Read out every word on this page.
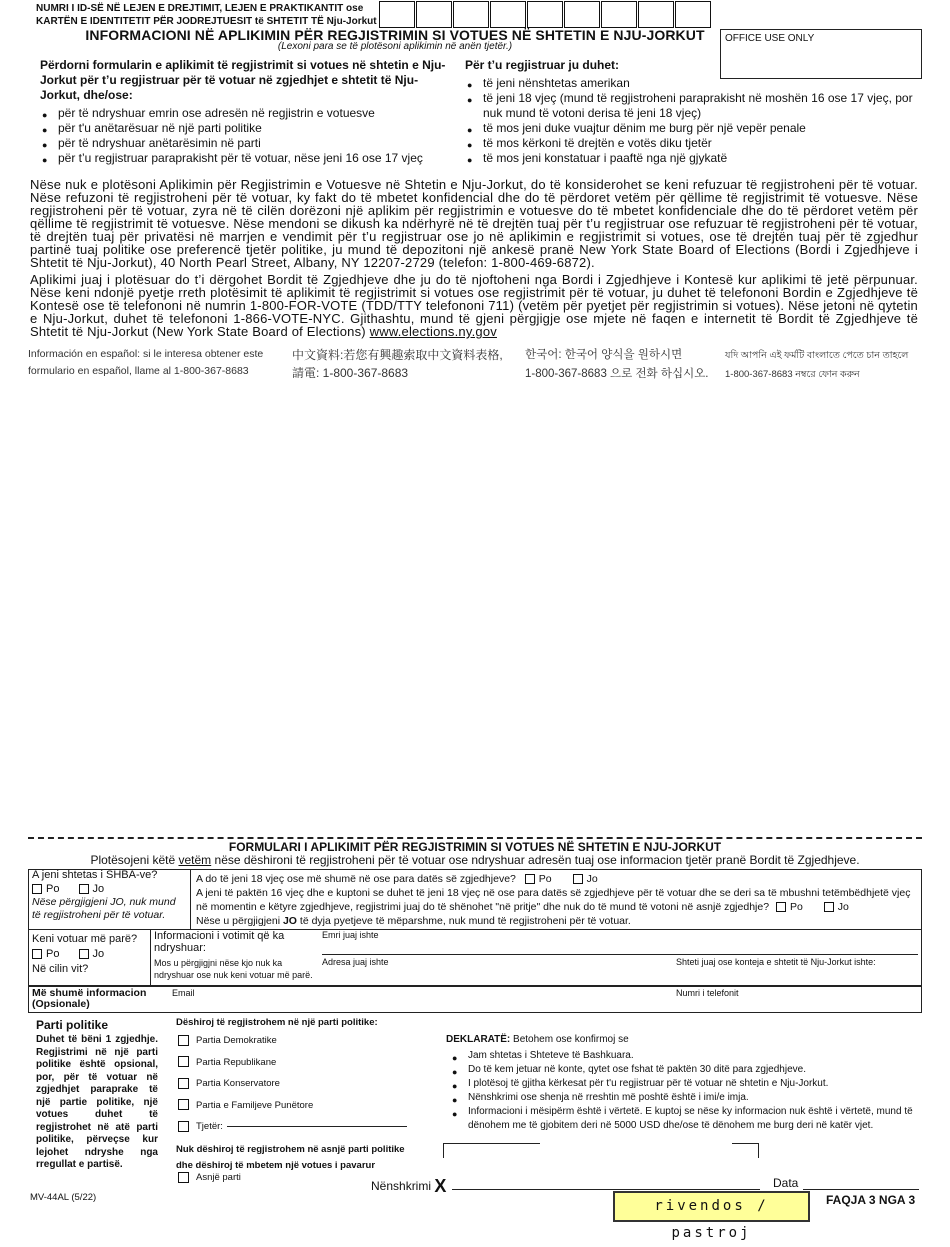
NUMRI I ID-SË NË LEJEN E DREJTIMIT, LEJEN E PRAKTIKANTIT ose
KARTËN E IDENTITETIT PËR JODREJTUESIT të SHTETIT TË Nju-Jorkut
INFORMACIONI NË APLIKIMIN PËR REGJISTRIMIN SI VOTUES NË SHTETIN E NJU-JORKUT
(Lexoni para se të plotësoni aplikimin në anën tjetër.)
OFFICE USE ONLY
Përdorni formularin e aplikimit të regjistrimit si votues në shtetin e Nju-Jorkut për t’u regjistruar për të votuar në zgjedhjet e shtetit të Nju-Jorkut, dhe/ose:
● për të ndryshuar emrin ose adresën në regjistrin e votuesve
● për t'u anëtarësuar në një parti politike
● për të ndryshuar anëtarësimin në parti
● për t’u regjistruar paraprakisht për të votuar, nëse jeni 16 ose 17 vjeç
Për t’u regjistruar ju duhet:
● të jeni nënshtetas amerikan
● të jeni 18 vjeç (mund të regjistroheni paraprakisht në moshën 16 ose 17 vjeç, por nuk mund të votoni derisa të jeni 18 vjeç)
● të mos jeni duke vuajtur dënim me burg për një vepër penale
● të mos kërkoni të drejtën e votës diku tjetër
● të mos jeni konstatuar i paaftë nga një gjykatë
Nëse nuk e plotësoni Aplikimin për Regjistrimin e Votuesve në Shtetin e Nju-Jorkut, do të konsiderohet se keni refuzuar të regjistroheni për të votuar. Nëse refuzoni të regjistroheni për të votuar, ky fakt do të mbetet konfidencial dhe do të përdoret vetëm për qëllime të regjistrimit të votuesve. Nëse regjistroheni për të votuar, zyra në të cilën dorëzoni një aplikim për regjistrimin e votuesve do të mbetet konfidenciale dhe do të përdoret vetëm për qëllime të regjistrimit të votuesve. Nëse mendoni se dikush ka ndërhyrë në të drejtën tuaj për t’u regjistruar ose refuzuar të regjistroheni për të votuar, të drejtën tuaj për privatësi në marrjen e vendimit për t’u regjistruar ose jo në aplikimin e regjistrimit si votues, ose të drejtën tuaj për të zgjedhur partinë tuaj politike ose preferencë tjetër politike, ju mund të depozitoni një ankesë pranë New York State Board of Elections (Bordi i Zgjedhjeve i Shtetit të Nju-Jorkut), 40 North Pearl Street, Albany, NY 12207-2729 (telefon: 1-800-469-6872).
Aplikimi juaj i plotësuar do t’i dërgohet Bordit të Zgjedhjeve dhe ju do të njoftoheni nga Bordi i Zgjedhjeve i Kontesë kur aplikimi të jetë përpunuar. Nëse keni ndonjë pyetje rreth plotësimit të aplikimit të regjistrimit si votues ose regjistrimit për të votuar, ju duhet të telefononi Bordin e Zgjedhjeve të Kontesë ose të telefononi në numrin 1-800-FOR-VOTE (TDD/TTY telefononi 711) (vetëm për pyetjet për regjistrimin si votues). Nëse jetoni në qytetin e Nju-Jorkut, duhet të telefononi 1-866-VOTE-NYC. Gjithashtu, mund të gjeni përgjigje ose mjete në faqen e internetit të Bordit të Zgjedhjeve të Shtetit të Nju-Jorkut (New York State Board of Elections) www.elections.ny.gov
Información en español: si le interesa obtener este
formulario en español, llame al 1-800-367-8683
中文資料:若您有興趣索取中文資料表格,
請電: 1-800-367-8683
한국어: 한국어 양식을 원하시면
1-800-367-8683 으로 전화 하십시오.
যদি আপনি এই ফর্মটি বাংলাতে পেতে চান তাহলে
1-800-367-8683 নম্বরে ফোন করুন
FORMULARI I APLIKIMIT PËR REGJISTRIMIN SI VOTUES NË SHTETIN E NJU-JORKUT
Plotësojeni këtë vetëm nëse dëshironi të regjistroheni për të votuar ose ndryshuar adresën tuaj ose informacion tjetër pranë Bordit të Zgjedhjeve.
A jeni shtetas i SHBA-ve?
Po	Jo
Nëse përgjigjeni JO, nuk mund të regjistroheni për të votuar.
A do të jeni 18 vjeç ose më shumë në ose para datës së zgjedhjeve? Po	Jo
A jeni të paktën 16 vjeç dhe e kuptoni se duhet të jeni 18 vjeç në ose para datës së zgjedhjeve për të votuar dhe se deri sa të mbushni tetëmbëdhjetë vjeç në momentin e këtyre zgjedhjeve, regjistrimi juaj do të shënohet "në pritje" dhe nuk do të mund të votoni në asnjë zgjedhje? Po	Jo
Nëse u përgjigjeni JO të dyja pyetjeve të mëparshme, nuk mund të regjistroheni për të votuar.
Keni votuar më parë?
Po	Jo
Në cilin vit?
Informacioni i votimit që ka ndryshuar:
Mos u përgjigjni nëse kjo nuk ka ndryshuar ose nuk keni votuar më parë.
Emri juaj ishte
Adresa juaj ishte	Shteti juaj ose konteja e shtetit të Nju-Jorkut ishte:
Më shumë informacion (Opsionale)
Email	Numri i telefonit
Parti politike
Duhet të bëni 1 zgjedhje. Regjistrimi në një parti politike është opsional, por, për të votuar në zgjedhjet paraprake të një partie politike, një votues duhet të regjistrohet në atë parti politike, përveçse kur lejohet ndryshe nga rregullat e partisë.
Dëshiroj të regjistrohem në një parti politike:
Partia Demokratike
Partia Republikane
Partia Konservatore
Partia e Familjeve Punëtore
Tjetër:
Nuk dëshiroj të regjistrohem në asnjë parti politike
dhe dëshiroj të mbetem një votues i pavarur
Asnjë parti
DEKLARATË: Betohem ose konfirmoj se
● Jam shtetas i Shteteve të Bashkuara.
● Do të kem jetuar në konte, qytet ose fshat të paktën 30 ditë para zgjedhjeve.
● I plotësoj të gjitha kërkesat për t'u regjistruar për të votuar në shtetin e Nju-Jorkut.
● Nënshkrimi ose shenja në rreshtin më poshtë është i imi/e imja.
● Informacioni i mësipërm është i vërtetë. E kuptoj se nëse ky informacion nuk është i vërtetë, mund të dënohem me të gjobitem deri në 5000 USD dhe/ose të dënohem me burg deri në katër vjet.
Nënshkrimi X	Data
MV-44AL (5/22)
rivendos / pastroj
FAQJA 3 NGA 3
